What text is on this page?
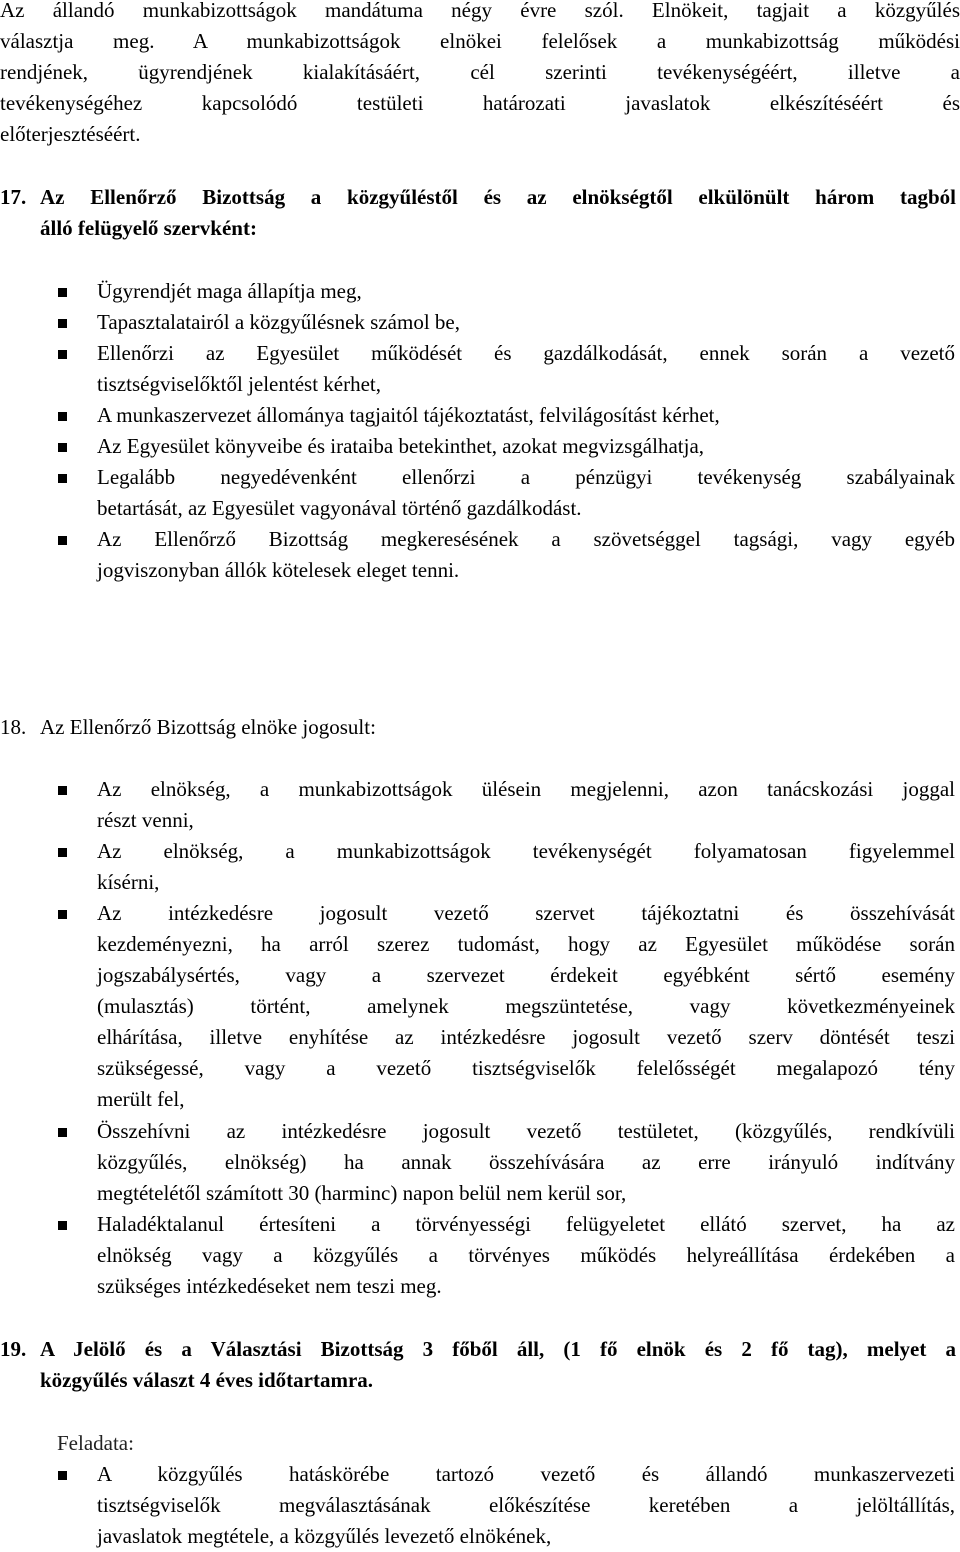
Az állandó munkabizottságok mandátuma négy évre szól. Elnökeit, tagjait a közgyűlés
választja meg. A munkabizottságok elnökei felelősek a munkabizottság működési
rendjének, ügyrendjének kialakításáért, cél szerinti tevékenységéért, illetve a
tevékenységéhez kapcsolódó testületi határozati javaslatok elkészítéséért és
előterjesztéséért.
17. Az Ellenőrző Bizottság a közgyűléstől és az elnökségtől elkülönült három tagból
álló felügyelő szervként:
Ügyrendjét maga állapítja meg,
Tapasztalatairól a közgyűlésnek számol be,
Ellenőrzi az Egyesület működését és gazdálkodását, ennek során a vezető
tisztségviselőktől jelentést kérhet,
A munkaszervezet állománya tagjaitól tájékoztatást, felvilágosítást kérhet,
Az Egyesület könyveibe és irataiba betekinthet, azokat megvizsgálhatja,
Legalább negyedévenként ellenőrzi a pénzügyi tevékenység szabályainak
betartását, az Egyesület vagyonával történő gazdálkodást.
Az Ellenőrző Bizottság megkeresésének a szövetséggel tagsági, vagy egyéb
jogviszonyban állók kötelesek eleget tenni.
18. Az Ellenőrző Bizottság elnöke jogosult:
Az elnökség, a munkabizottságok ülésein megjelenni, azon tanácskozási joggal
részt venni,
Az elnökség, a munkabizottságok tevékenységét folyamatosan figyelemmel
kísérni,
Az intézkedésre jogosult vezető szervet tájékoztatni és összehívását
kezdeményezni, ha arról szerez tudomást, hogy az Egyesület működése során
jogszabálysértés, vagy a szervezet érdekeit egyébként sértő esemény
(mulasztás) történt, amelynek megszüntetése, vagy következményeinek
elhárítása, illetve enyhítése az intézkedésre jogosult vezető szerv döntését teszi
szükségessé, vagy a vezető tisztségviselők felelősségét megalapozó tény
merült fel,
Összehívni az intézkedésre jogosult vezető testületet, (közgyűlés, rendkívüli
közgyűlés, elnökség) ha annak összehívására az erre irányuló indítvány
megtételétől számított 30 (harminc) napon belül nem kerül sor,
Haladéktalanul értesíteni a törvényességi felügyeletet ellátó szervet, ha az
elnökség vagy a közgyűlés a törvényes működés helyreállítása érdekében a
szükséges intézkedéseket nem teszi meg.
19. A Jelölő és a Választási Bizottság 3 főből áll, (1 fő elnök és 2 fő tag), melyet a
közgyűlés választ 4 éves időtartamra.
Feladata:
A közgyűlés hatáskörébe tartozó vezető és állandó munkaszervezeti
tisztségviselők megválasztásának előkészítése keretében a jelöltállítás,
javaslatok megtétele, a közgyűlés levezető elnökének,
